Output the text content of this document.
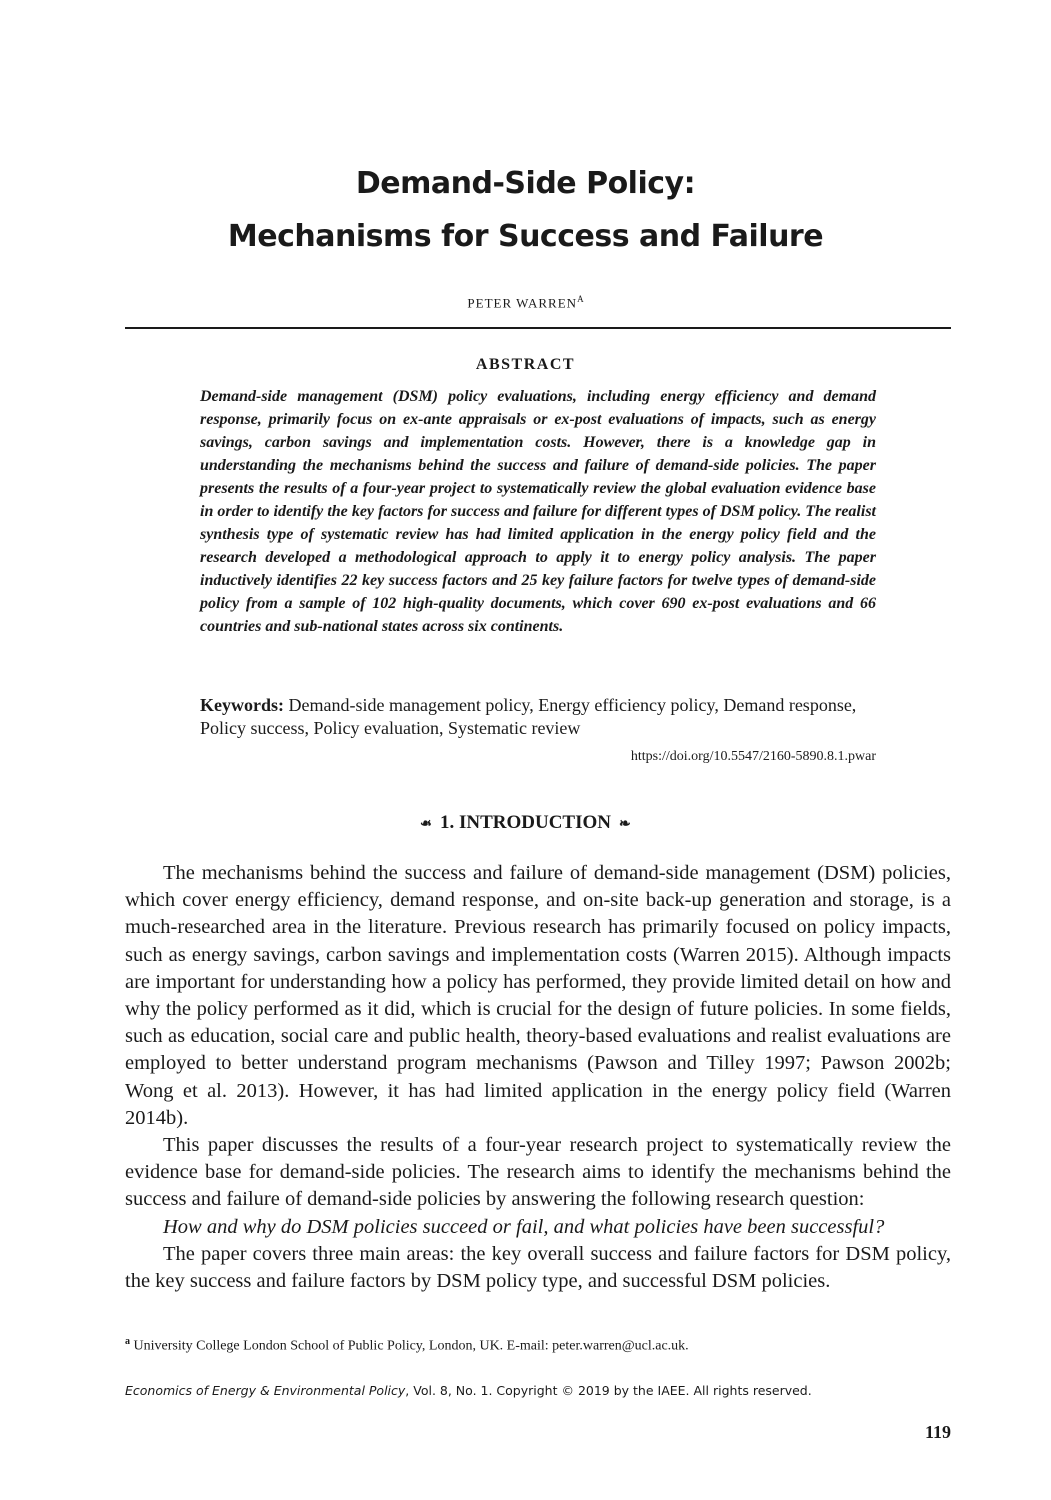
Demand-Side Policy:
Mechanisms for Success and Failure
PETER $WARREN^A$
ABSTRACT
Demand-side management (DSM) policy evaluations, including energy efficiency and demand response, primarily focus on ex-ante appraisals or ex-post evaluations of impacts, such as energy savings, carbon savings and implementation costs. However, there is a knowledge gap in understanding the mechanisms behind the success and failure of demand-side policies. The paper presents the results of a four-year project to systematically review the global evaluation evidence base in order to identify the key factors for success and failure for different types of DSM policy. The realist synthesis type of systematic review has had limited application in the energy policy field and the research developed a methodological approach to apply it to energy policy analysis. The paper inductively identifies 22 key success factors and 25 key failure factors for twelve types of demand-side policy from a sample of 102 high-quality documents, which cover 690 ex-post evaluations and 66 countries and sub-national states across six continents.
Keywords: Demand-side management policy, Energy efficiency policy, Demand response, Policy success, Policy evaluation, Systematic review
https://doi.org/10.5547/2160-5890.8.1.pwar
❧ 1. INTRODUCTION ❧

The mechanisms behind the success and failure of demand-side management (DSM) policies, which cover energy efficiency, demand response, and on-site back-up generation and storage, is a much-researched area in the literature. Previous research has primarily focused on policy impacts, such as energy savings, carbon savings and implementation costs (Warren 2015). Although impacts are important for understanding how a policy has performed, they provide limited detail on how and why the policy performed as it did, which is crucial for the design of future policies. In some fields, such as education, social care and public health, theory-based evaluations and realist evaluations are employed to better understand program mechanisms (Pawson and Tilley 1997; Pawson 2002b; Wong et al. 2013). However, it has had limited application in the energy policy field (Warren 2014b).

This paper discusses the results of a four-year research project to systematically review the evidence base for demand-side policies. The research aims to identify the mechanisms behind the success and failure of demand-side policies by answering the following research question:

How and why do DSM policies succeed or fail, and what policies have been successful?

The paper covers three main areas: the key overall success and failure factors for DSM policy, the key success and failure factors by DSM policy type, and successful DSM policies.

$^a$ University College London School of Public Policy, London, UK. E-mail: peter.warren@ucl.ac.uk.
Economics of Energy & Environmental Policy, Vol. 8, No. 1. Copyright © 2019 by the IAEE. All rights reserved.
119
